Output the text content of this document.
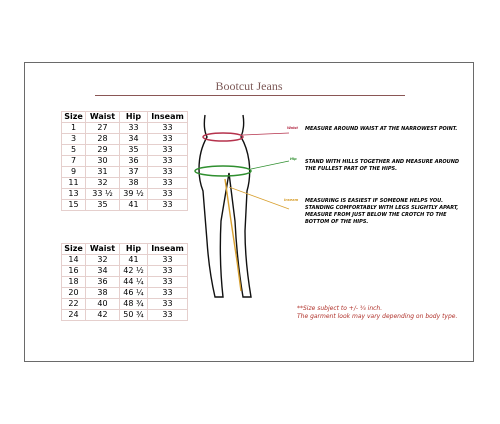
Bootcut Jeans
Size	Waist	Hip	Inseam
1	27	33	33
3	28	34	33
5	29	35	33
7	30	36	33
9	31	37	33
11	32	38	33
13	33 ½	39 ½	33
15	35	41	33
Size	Waist	Hip	Inseam
14	32	41	33
16	34	42 ½	33
18	36	44 ¼	33
20	38	46 ¼	33
22	40	48 ¾	33
24	42	50 ¾	33
Waist MEASURE AROUND WAIST AT THE NARROWEST POINT.
Hip STAND WITH HILLS TOGETHER AND MEASURE AROUND
THE FULLEST PART OF THE HIPS.
Inseam MEASURING IS EASIEST IF SOMEONE HELPS YOU.
STANDING COMFORTABLY WITH LEGS SLIGHTLY APART,
MEASURE FROM JUST BELOW THE CROTCH TO THE
BOTTOM OF THE HIPS.
**Size subject to +/- ¾ inch.
The garment look may vary depending on body type.
